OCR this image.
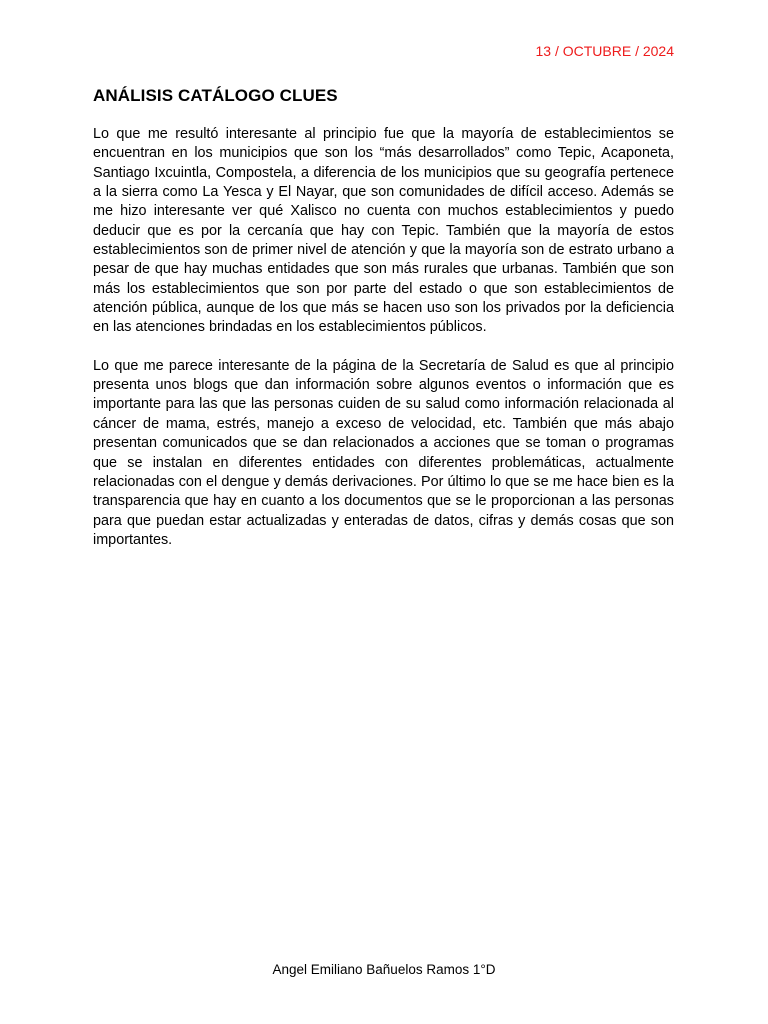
13 / OCTUBRE / 2024
ANÁLISIS CATÁLOGO CLUES

Lo que me resultó interesante al principio fue que la mayoría de establecimientos se encuentran en los municipios que son los “más desarrollados” como Tepic, Acaponeta, Santiago Ixcuintla, Compostela, a diferencia de los municipios que su geografía pertenece a la sierra como La Yesca y El Nayar, que son comunidades de difícil acceso. Además se me hizo interesante ver qué Xalisco no cuenta con muchos establecimientos y puedo deducir que es por la cercanía que hay con Tepic. También que la mayoría de estos establecimientos son de primer nivel de atención y que la mayoría son de estrato urbano a pesar de que hay muchas entidades que son más rurales que urbanas. También que son más los establecimientos que son por parte del estado o que son establecimientos de atención pública, aunque de los que más se hacen uso son los privados por la deficiencia en las atenciones brindadas en los establecimientos públicos.

Lo que me parece interesante de la página de la Secretaría de Salud es que al principio presenta unos blogs que dan información sobre algunos eventos o información que es importante para las que las personas cuiden de su salud como información relacionada al cáncer de mama, estrés, manejo a exceso de velocidad, etc. También que más abajo presentan comunicados que se dan relacionados a acciones que se toman o programas que se instalan en diferentes entidades con diferentes problemáticas, actualmente relacionadas con el dengue y demás derivaciones. Por último lo que se me hace bien es la transparencia que hay en cuanto a los documentos que se le proporcionan a las personas para que puedan estar actualizadas y enteradas de datos, cifras y demás cosas que son importantes.

Angel Emiliano Bañuelos Ramos 1°D
